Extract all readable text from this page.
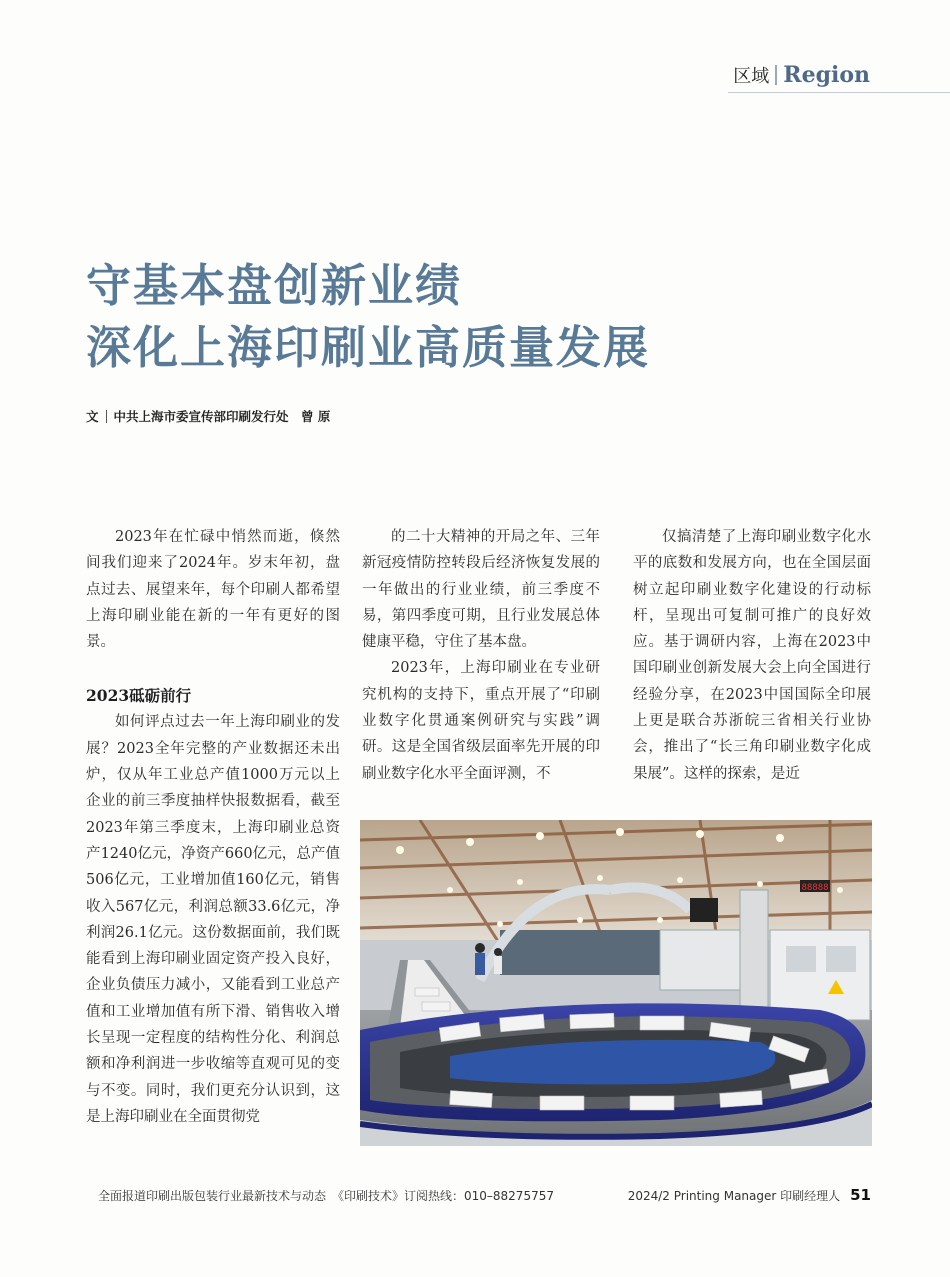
区域 Region
守基本盘创新业绩
深化上海印刷业高质量发展
文 中共上海市委宣传部印刷发行处　曾 原

2023年在忙碌中悄然而逝，倏然间我们迎来了2024年。岁末年初，盘点过去、展望来年，每个印刷人都希望上海印刷业能在新的一年有更好的图景。

2023砥砺前行

如何评点过去一年上海印刷业的发展？2023全年完整的产业数据还未出炉，仅从年工业总产值1000万元以上企业的前三季度抽样快报数据看，截至2023年第三季度末，上海印刷业总资产1240亿元，净资产660亿元，总产值506亿元，工业增加值160亿元，销售收入567亿元，利润总额33.6亿元，净利润26.1亿元。这份数据面前，我们既能看到上海印刷业固定资产投入良好，企业负债压力减小，又能看到工业总产值和工业增加值有所下滑、销售收入增长呈现一定程度的结构性分化、利润总额和净利润进一步收缩等直观可见的变与不变。同时，我们更充分认识到，这是上海印刷业在全面贯彻党

的二十大精神的开局之年、三年新冠疫情防控转段后经济恢复发展的一年做出的行业业绩，前三季度不易，第四季度可期，且行业发展总体健康平稳，守住了基本盘。

2023年，上海印刷业在专业研究机构的支持下，重点开展了“印刷业数字化贯通案例研究与实践”调研。这是全国省级层面率先开展的印刷业数字化水平全面评测，不

仅搞清楚了上海印刷业数字化水平的底数和发展方向，也在全国层面树立起印刷业数字化建设的行动标杆，呈现出可复制可推广的良好效应。基于调研内容，上海在2023中国印刷业创新发展大会上向全国进行经验分享，在2023中国国际全印展上更是联合苏浙皖三省相关行业协会，推出了“长三角印刷业数字化成果展”。这样的探索，是近

88888
全面报道印刷出版包装行业最新技术与动态　《印刷技术》订阅热线：010–88275757	2024/2 Printing Manager 印刷经理人 51
